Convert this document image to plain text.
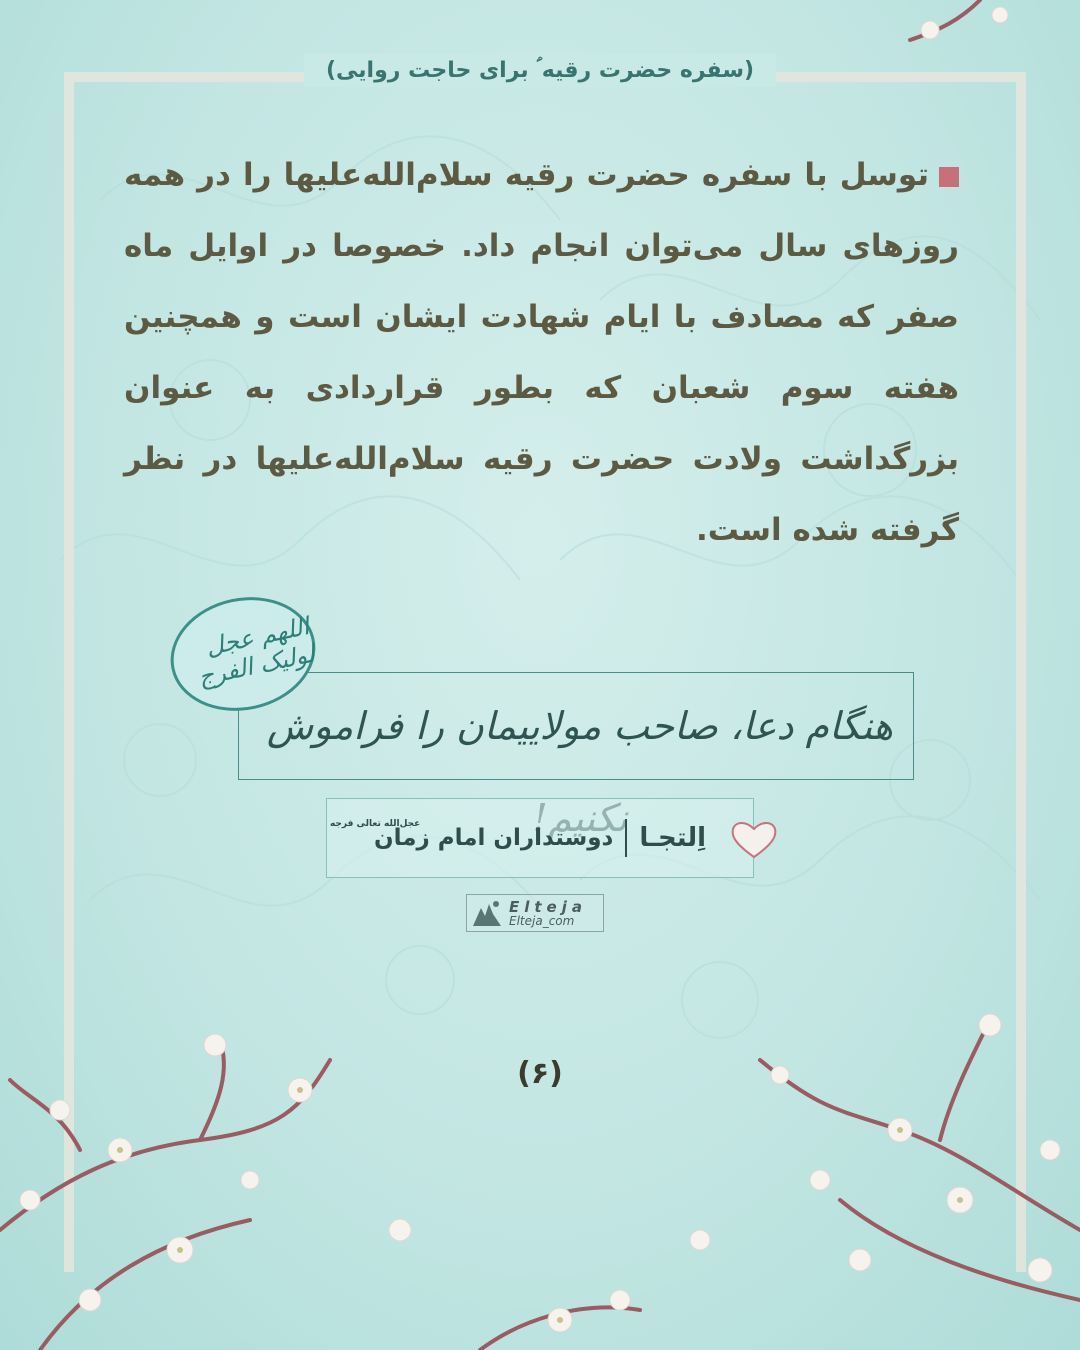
(سفره حضرت رقیه ؑ برای حاجت روایی)
توسل با سفره حضرت رقیه سلام‌الله‌علیها را در همه روزهای سال می‌توان انجام داد. خصوصا در اوایل ماه صفر که مصادف با ایام شهادت ایشان است و همچنین هفته سوم شعبان که بطور قراردادی به عنوان بزرگداشت ولادت حضرت رقیه سلام‌الله‌علیها در نظر گرفته شده است.
هنگام دعا، صاحب مولاییمان را فراموش
اللهم عجل لولیک الفرج
اِلتجـا
دوستداران امام زمان
عجل‌الله تعالی فرجه
Elteja
Elteja_com
(۶)
